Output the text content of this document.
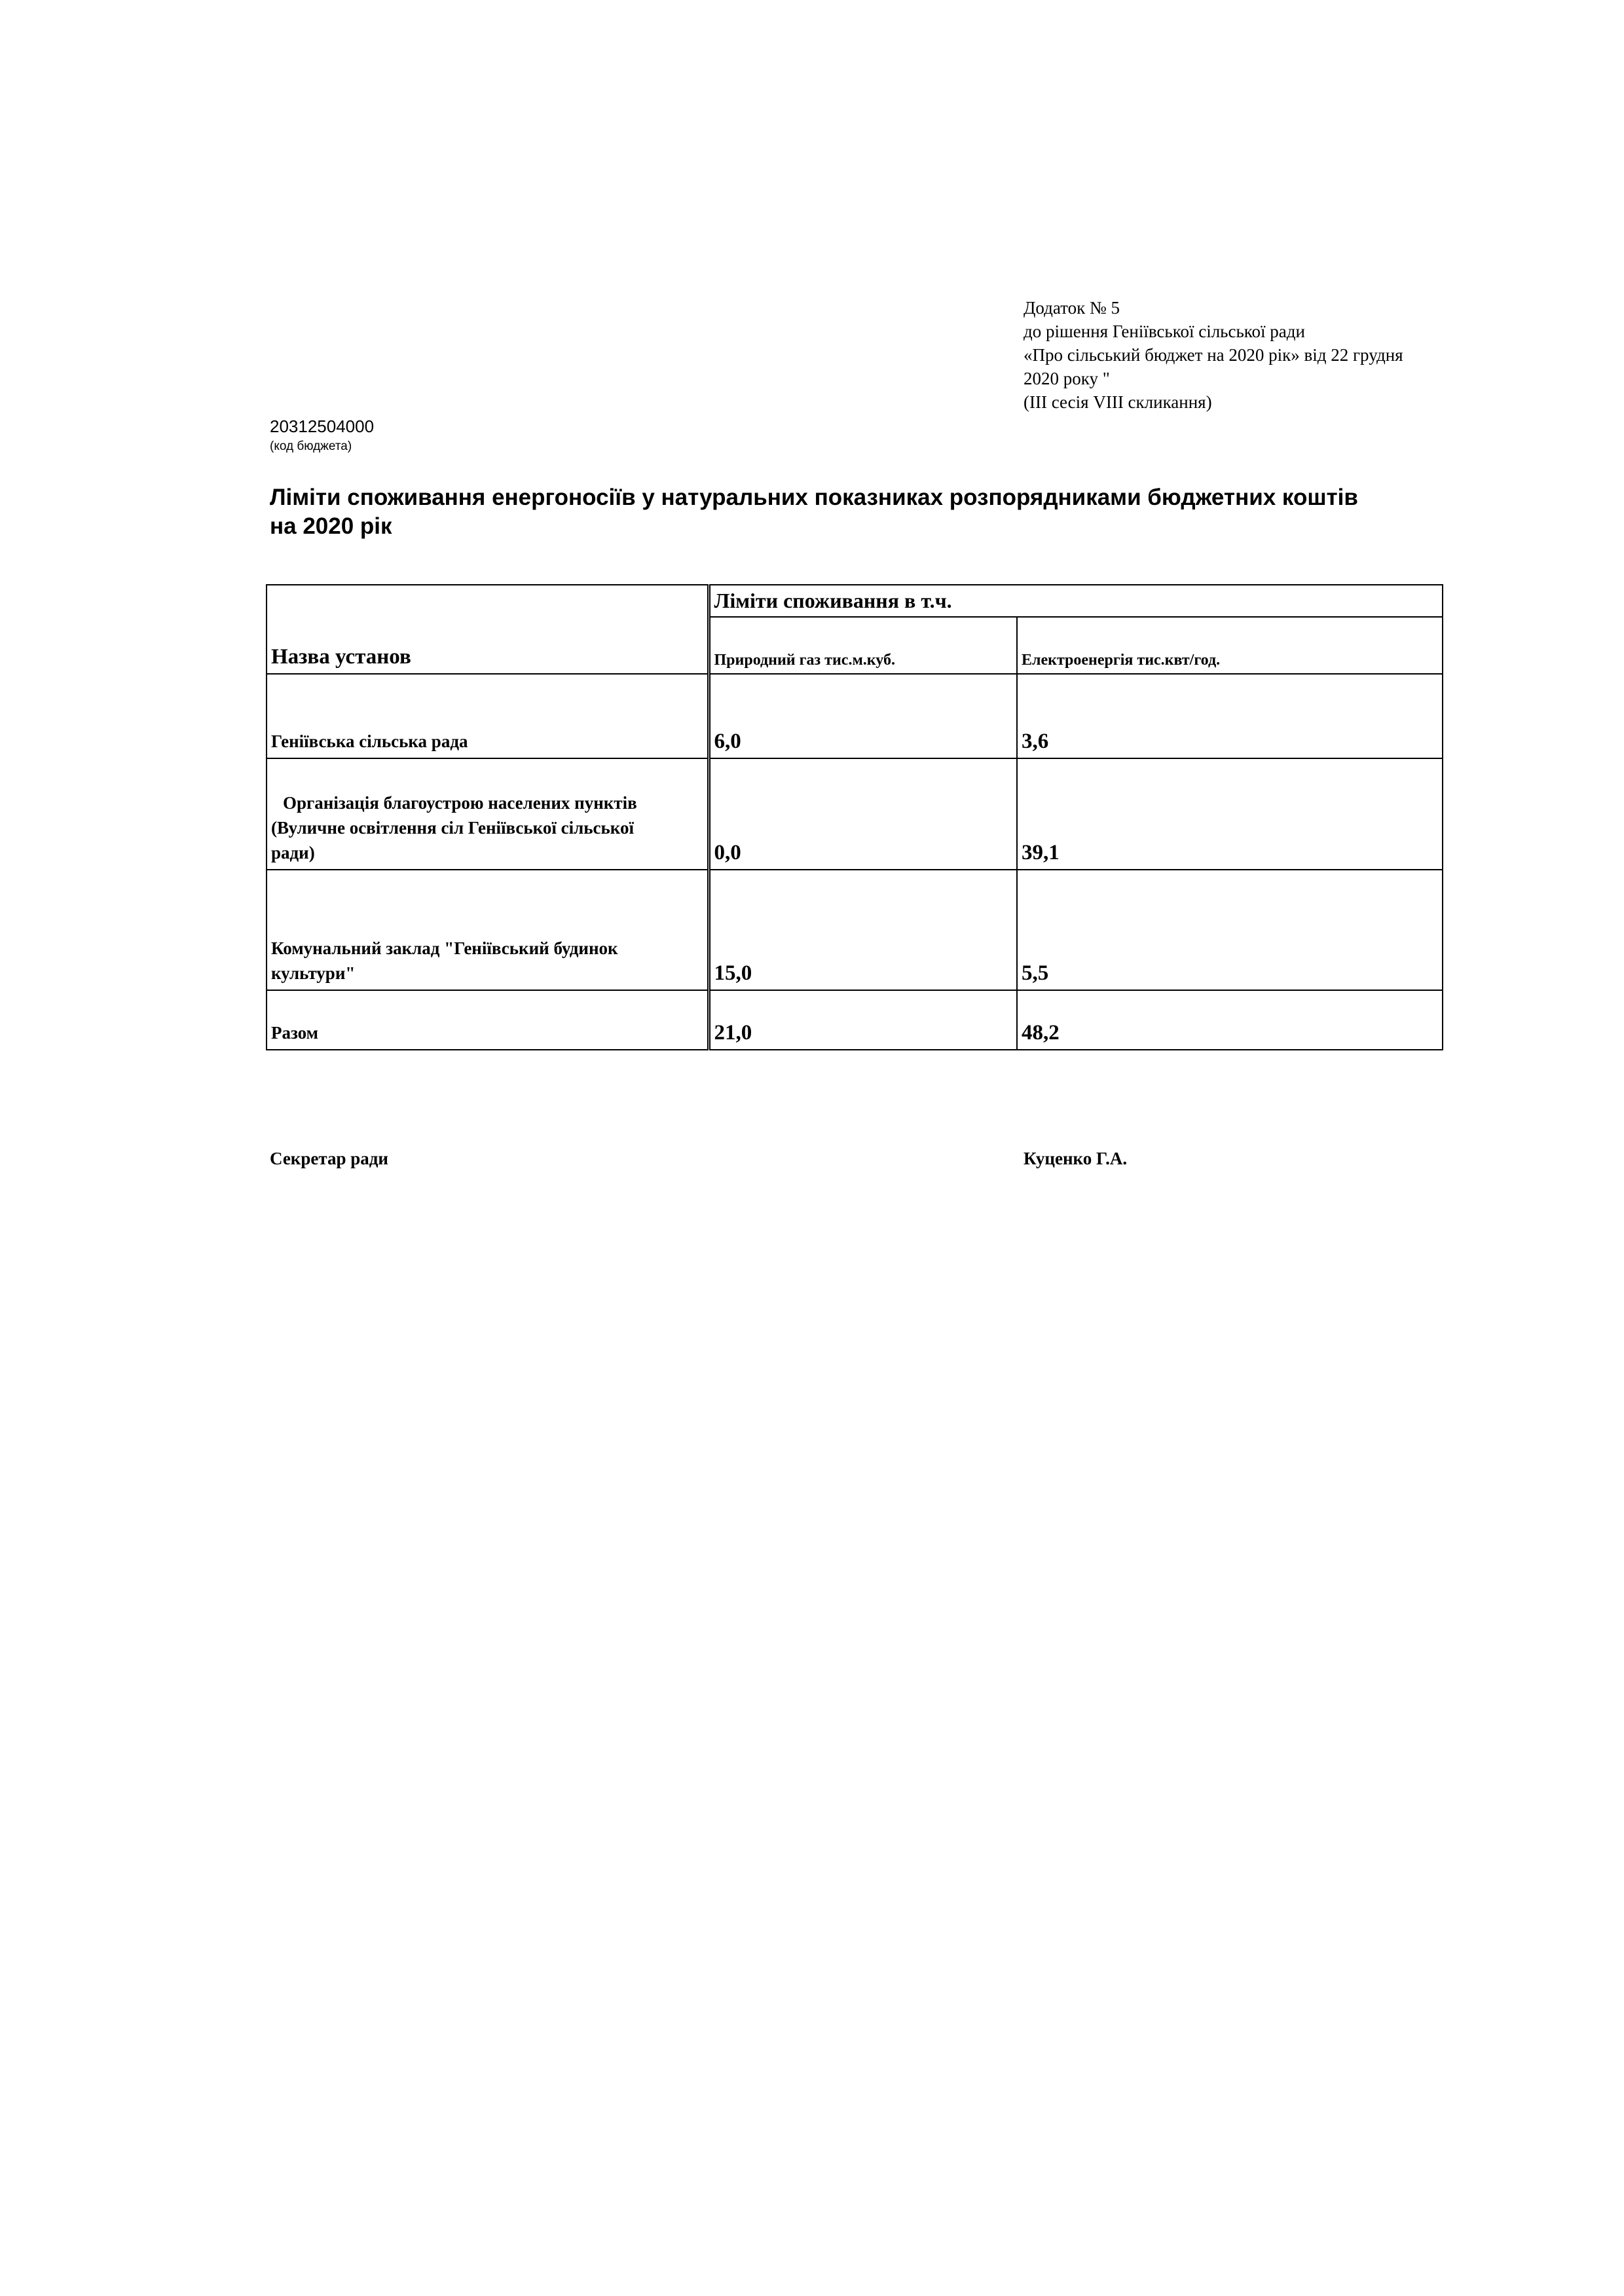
Додаток № 5
до рішення Геніївської сільської ради
«Про сільський бюджет на 2020 рік» від 22 грудня
2020 року "
(ІІІ сесія VIII скликання)
20312504000
(код бюджета)
Ліміти споживання енергоносіїв у натуральних показниках розпорядниками бюджетних коштів
на 2020 рік
Назва установ	Ліміти споживання в т.ч.	
	Природний газ тис.м.куб.	Електроенергія тис.квт/год.
Геніївська сільська рада	6,0	3,6

Організація благоустрою населених пунктів
(Вуличне освітлення сіл Геніївської сільської
ради)	0,0	39,1

Комунальний заклад "Геніївський будинок
культури"	15,0	5,5
Разом	21,0	48,2
Секретар ради	Куценко Г.А.
